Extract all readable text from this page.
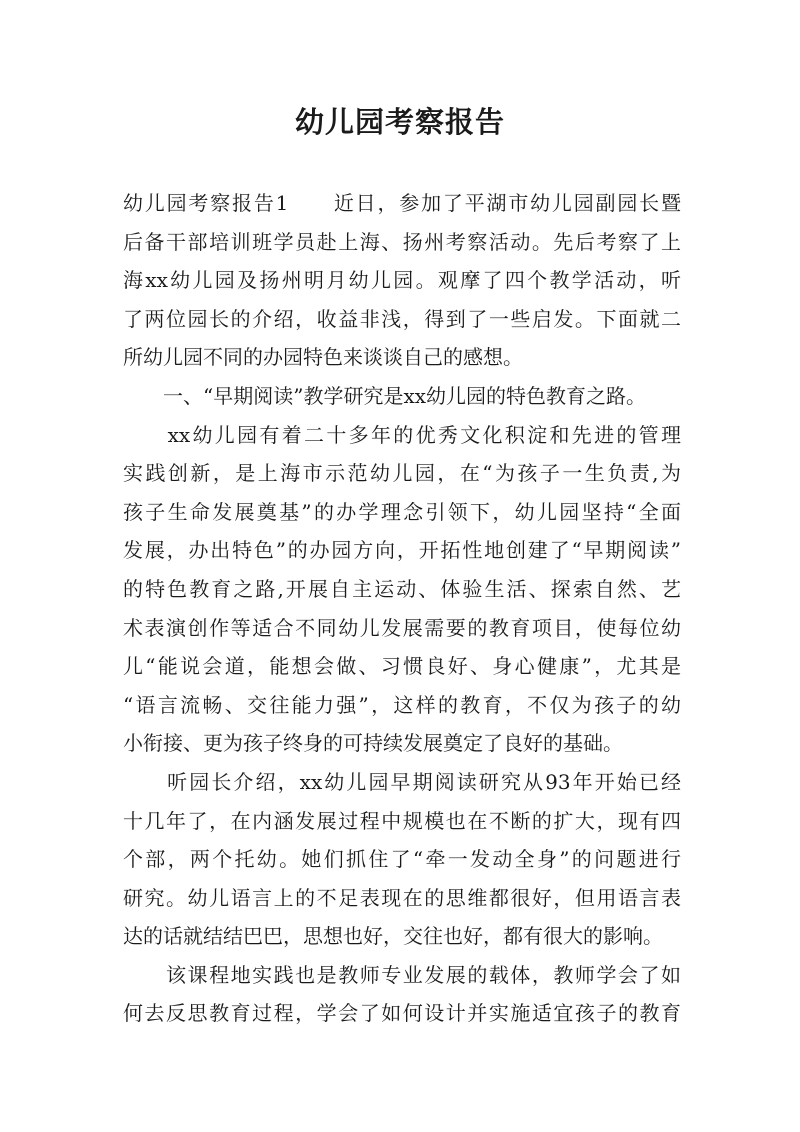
幼儿园考察报告
幼儿园考察报告1　　近日，参加了平湖市幼儿园副园长暨
后备干部培训班学员赴上海、扬州考察活动。先后考察了上
海xx幼儿园及扬州明月幼儿园。观摩了四个教学活动，听
了两位园长的介绍，收益非浅，得到了一些启发。下面就二
所幼儿园不同的办园特色来谈谈自己的感想。
　　一、“早期阅读”教学研究是xx幼儿园的特色教育之路。
　　xx幼儿园有着二十多年的优秀文化积淀和先进的管理
实践创新，是上海市示范幼儿园，在“为孩子一生负责,为
孩子生命发展奠基”的办学理念引领下，幼儿园坚持“全面
发展，办出特色”的办园方向，开拓性地创建了“早期阅读”
的特色教育之路,开展自主运动、体验生活、探索自然、艺
术表演创作等适合不同幼儿发展需要的教育项目，使每位幼
儿“能说会道，能想会做、习惯良好、身心健康”，尤其是
“语言流畅、交往能力强”，这样的教育，不仅为孩子的幼
小衔接、更为孩子终身的可持续发展奠定了良好的基础。
　　听园长介绍，xx幼儿园早期阅读研究从93年开始已经
十几年了，在内涵发展过程中规模也在不断的扩大，现有四
个部，两个托幼。她们抓住了“牵一发动全身”的问题进行
研究。幼儿语言上的不足表现在的思维都很好，但用语言表
达的话就结结巴巴，思想也好，交往也好，都有很大的影响。
　　该课程地实践也是教师专业发展的载体，教师学会了如
何去反思教育过程，学会了如何设计并实施适宜孩子的教育
